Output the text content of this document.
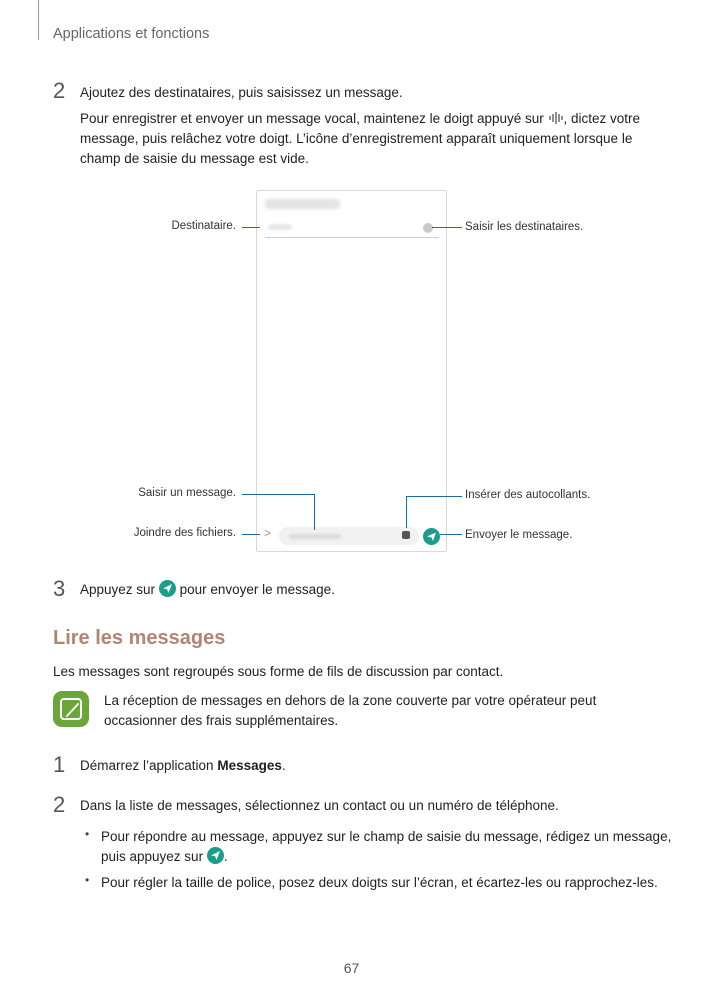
Applications et fonctions
2 Ajoutez des destinataires, puis saisissez un message.
Pour enregistrer et envoyer un message vocal, maintenez le doigt appuyé sur , dictez votre
message, puis relâchez votre doigt. L’icône d’enregistrement apparaît uniquement lorsque le
champ de saisie du message est vide.
>
Destinataire.	Saisir les destinataires.
Saisir un message.	Insérer des autocollants.
Joindre des fichiers.	Envoyer le message.
3 Appuyez sur pour envoyer le message.
Lire les messages
Les messages sont regroupés sous forme de fils de discussion par contact.
La réception de messages en dehors de la zone couverte par votre opérateur peut
occasionner des frais supplémentaires.
1 Démarrez l’application Messages.
2 Dans la liste de messages, sélectionnez un contact ou un numéro de téléphone.
• Pour répondre au message, appuyez sur le champ de saisie du message, rédigez un message,
puis appuyez sur .
• Pour régler la taille de police, posez deux doigts sur l’écran, et écartez-les ou rapprochez-les.
67
